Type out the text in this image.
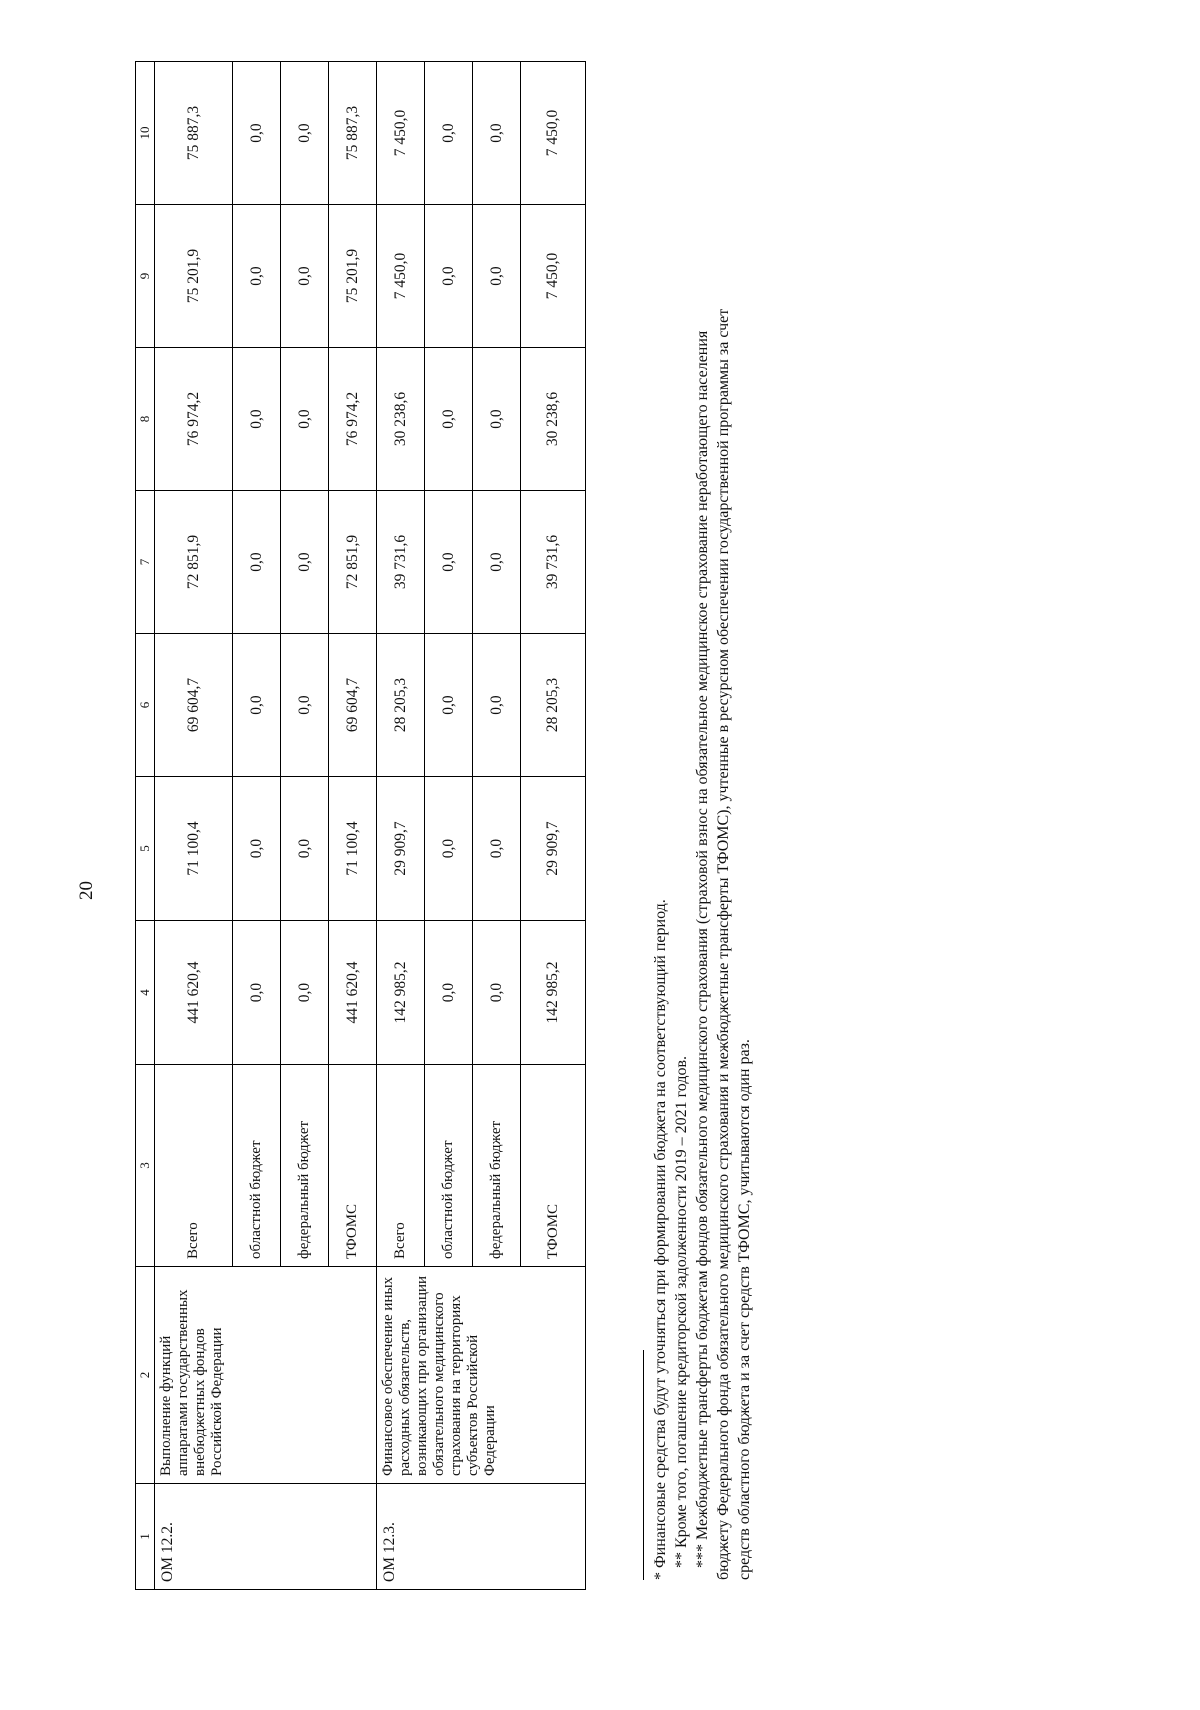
20
1	2	3	4	5	6	7	8	9	10
ОМ 12.2.	Выполнение функций аппаратами государственных внебюджетных фондов Российской Федерации	Всего	441 620,4	71 100,4	69 604,7	72 851,9	76 974,2	75 201,9	75 887,3
		областной бюджет	0,0	0,0	0,0	0,0	0,0	0,0	0,0
		федеральный бюджет	0,0	0,0	0,0	0,0	0,0	0,0	0,0
		ТФОМС	441 620,4	71 100,4	69 604,7	72 851,9	76 974,2	75 201,9	75 887,3
ОМ 12.3.	Финансовое обеспечение иных расходных обязательств, возникающих при организации обязательного медицинского страхования на территориях субъектов Российской Федерации	Всего	142 985,2	29 909,7	28 205,3	39 731,6	30 238,6	7 450,0	7 450,0
		областной бюджет	0,0	0,0	0,0	0,0	0,0	0,0	0,0
		федеральный бюджет	0,0	0,0	0,0	0,0	0,0	0,0	0,0
		ТФОМС	142 985,2	29 909,7	28 205,3	39 731,6	30 238,6	7 450,0	7 450,0
* Финансовые средства будут уточняться при формировании бюджета на соответствующий период. ** Кроме того, погашение кредиторской задолженности 2019 – 2021 годов. *** Межбюджетные трансферты бюджетам фондов обязательного медицинского страхования (страховой взнос на обязательное медицинское страхование неработающего населения бюджету Федерального фонда обязательного медицинского страхования и межбюджетные трансферты ТФОМС), учтенные в ресурсном обеспечении государственной программы за счет средств областного бюджета и за счет средств ТФОМС, учитываются один раз.
